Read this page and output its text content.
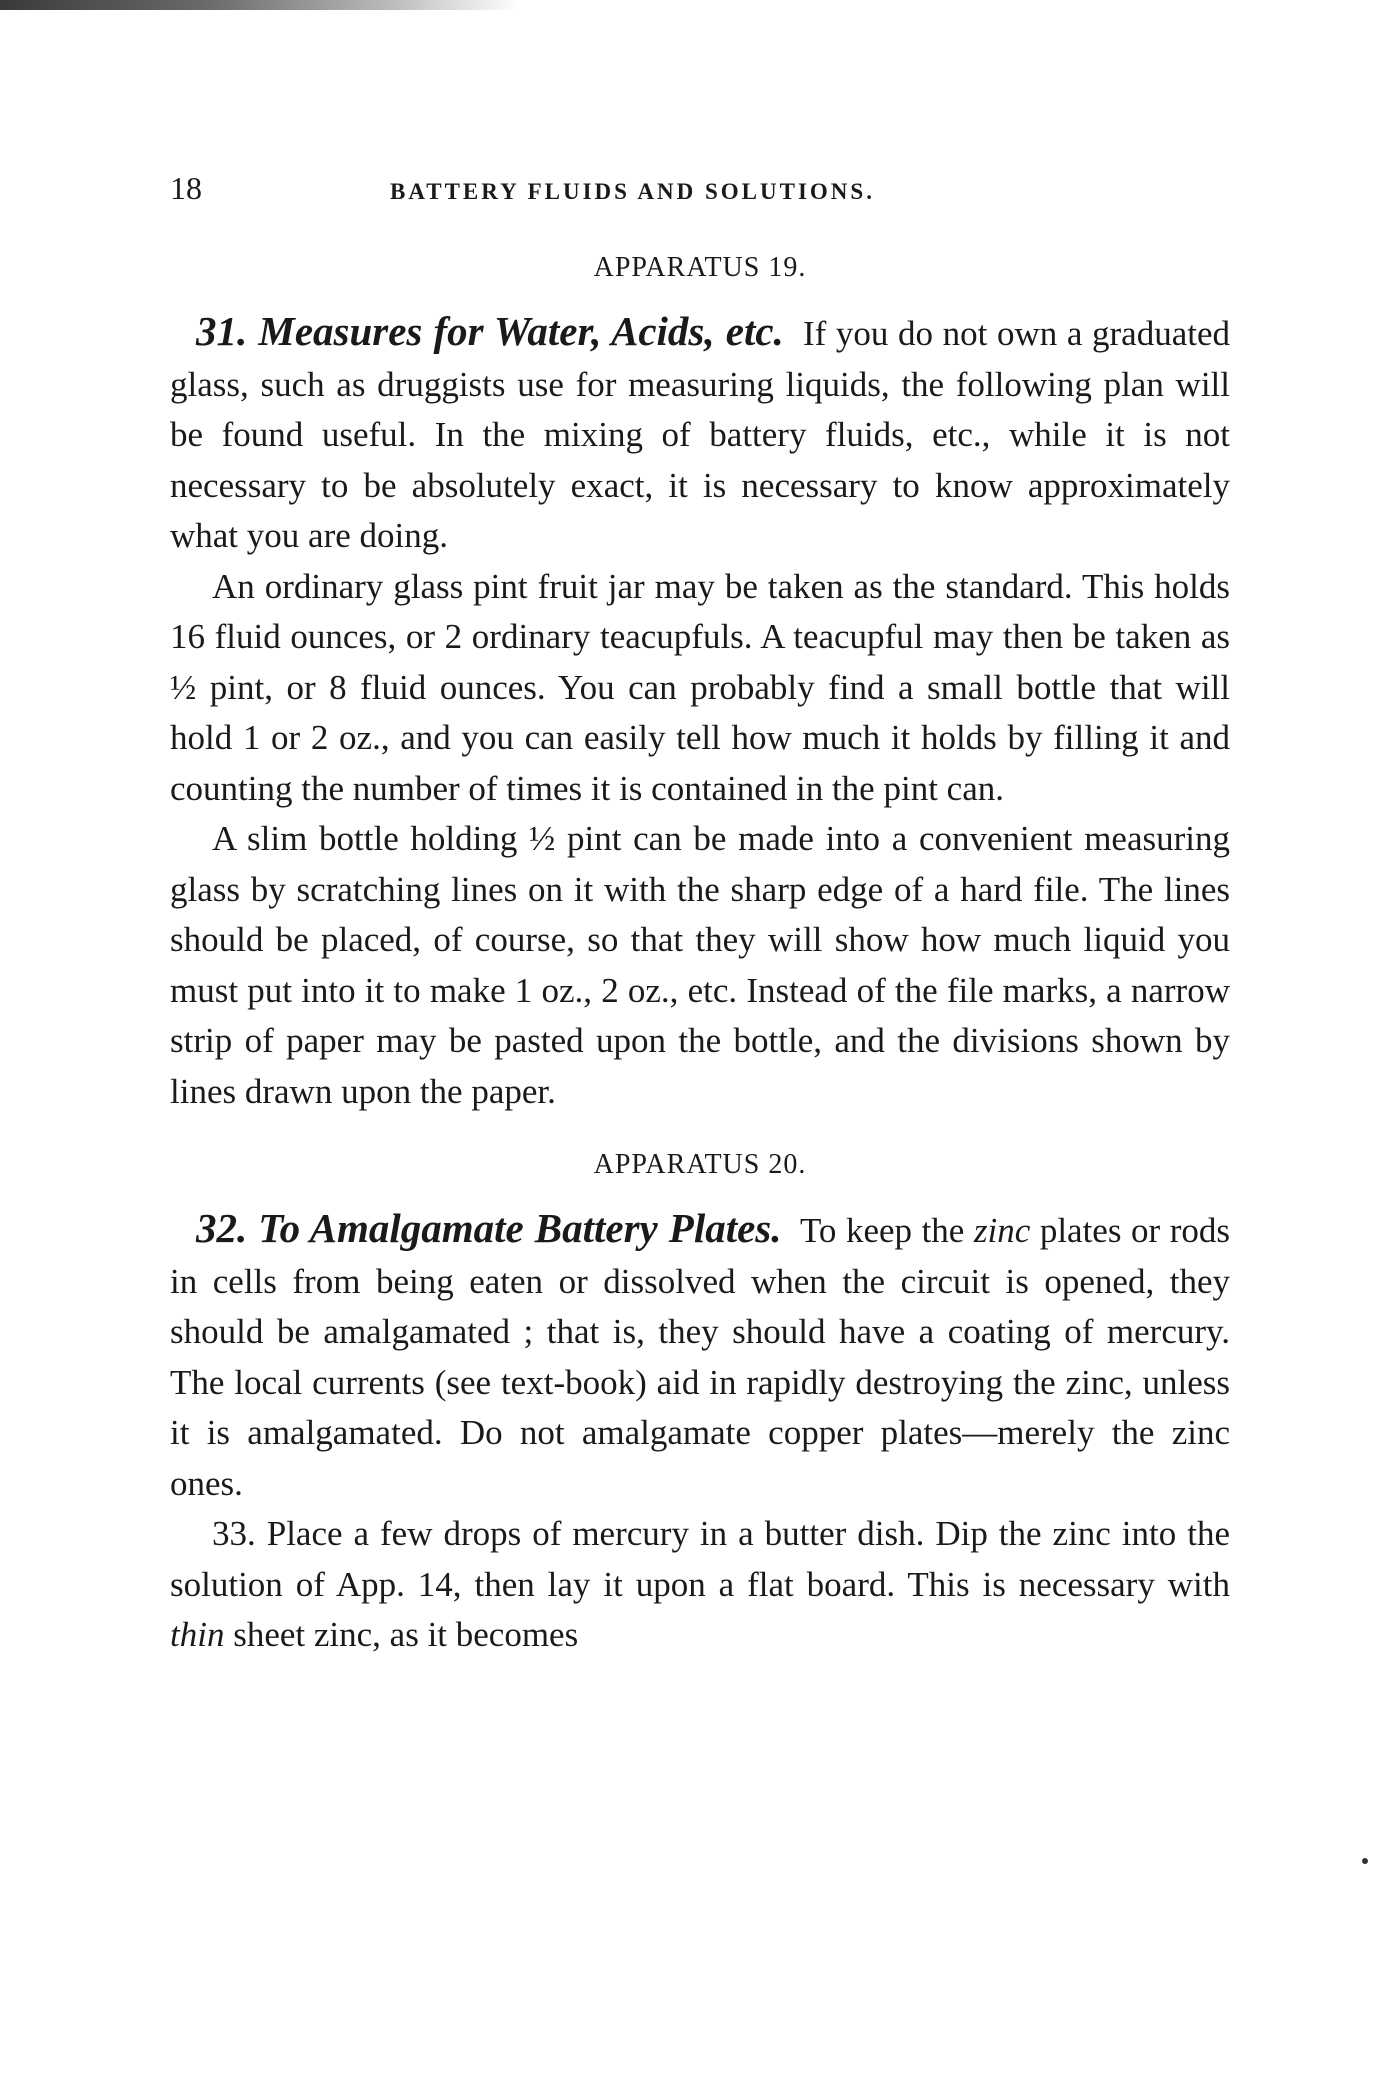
18	BATTERY FLUIDS AND SOLUTIONS.
APPARATUS 19.

31. Measures for Water, Acids, etc. If you do not own a graduated glass, such as druggists use for measuring liquids, the following plan will be found useful. In the mixing of battery fluids, etc., while it is not necessary to be absolutely exact, it is necessary to know approximately what you are doing.

An ordinary glass pint fruit jar may be taken as the standard. This holds 16 fluid ounces, or 2 ordinary teacupfuls. A teacupful may then be taken as ½ pint, or 8 fluid ounces. You can probably find a small bottle that will hold 1 or 2 oz., and you can easily tell how much it holds by filling it and counting the number of times it is contained in the pint can.

A slim bottle holding ½ pint can be made into a convenient measuring glass by scratching lines on it with the sharp edge of a hard file. The lines should be placed, of course, so that they will show how much liquid you must put into it to make 1 oz., 2 oz., etc. Instead of the file marks, a narrow strip of paper may be pasted upon the bottle, and the divisions shown by lines drawn upon the paper.

APPARATUS 20.

32. To Amalgamate Battery Plates. To keep the zinc plates or rods in cells from being eaten or dissolved when the circuit is opened, they should be amalgamated ; that is, they should have a coating of mercury. The local currents (see text-book) aid in rapidly destroying the zinc, unless it is amalgamated. Do not amalgamate copper plates—merely the zinc ones.

33. Place a few drops of mercury in a butter dish. Dip the zinc into the solution of App. 14, then lay it upon a flat board. This is necessary with thin sheet zinc, as it becomes
